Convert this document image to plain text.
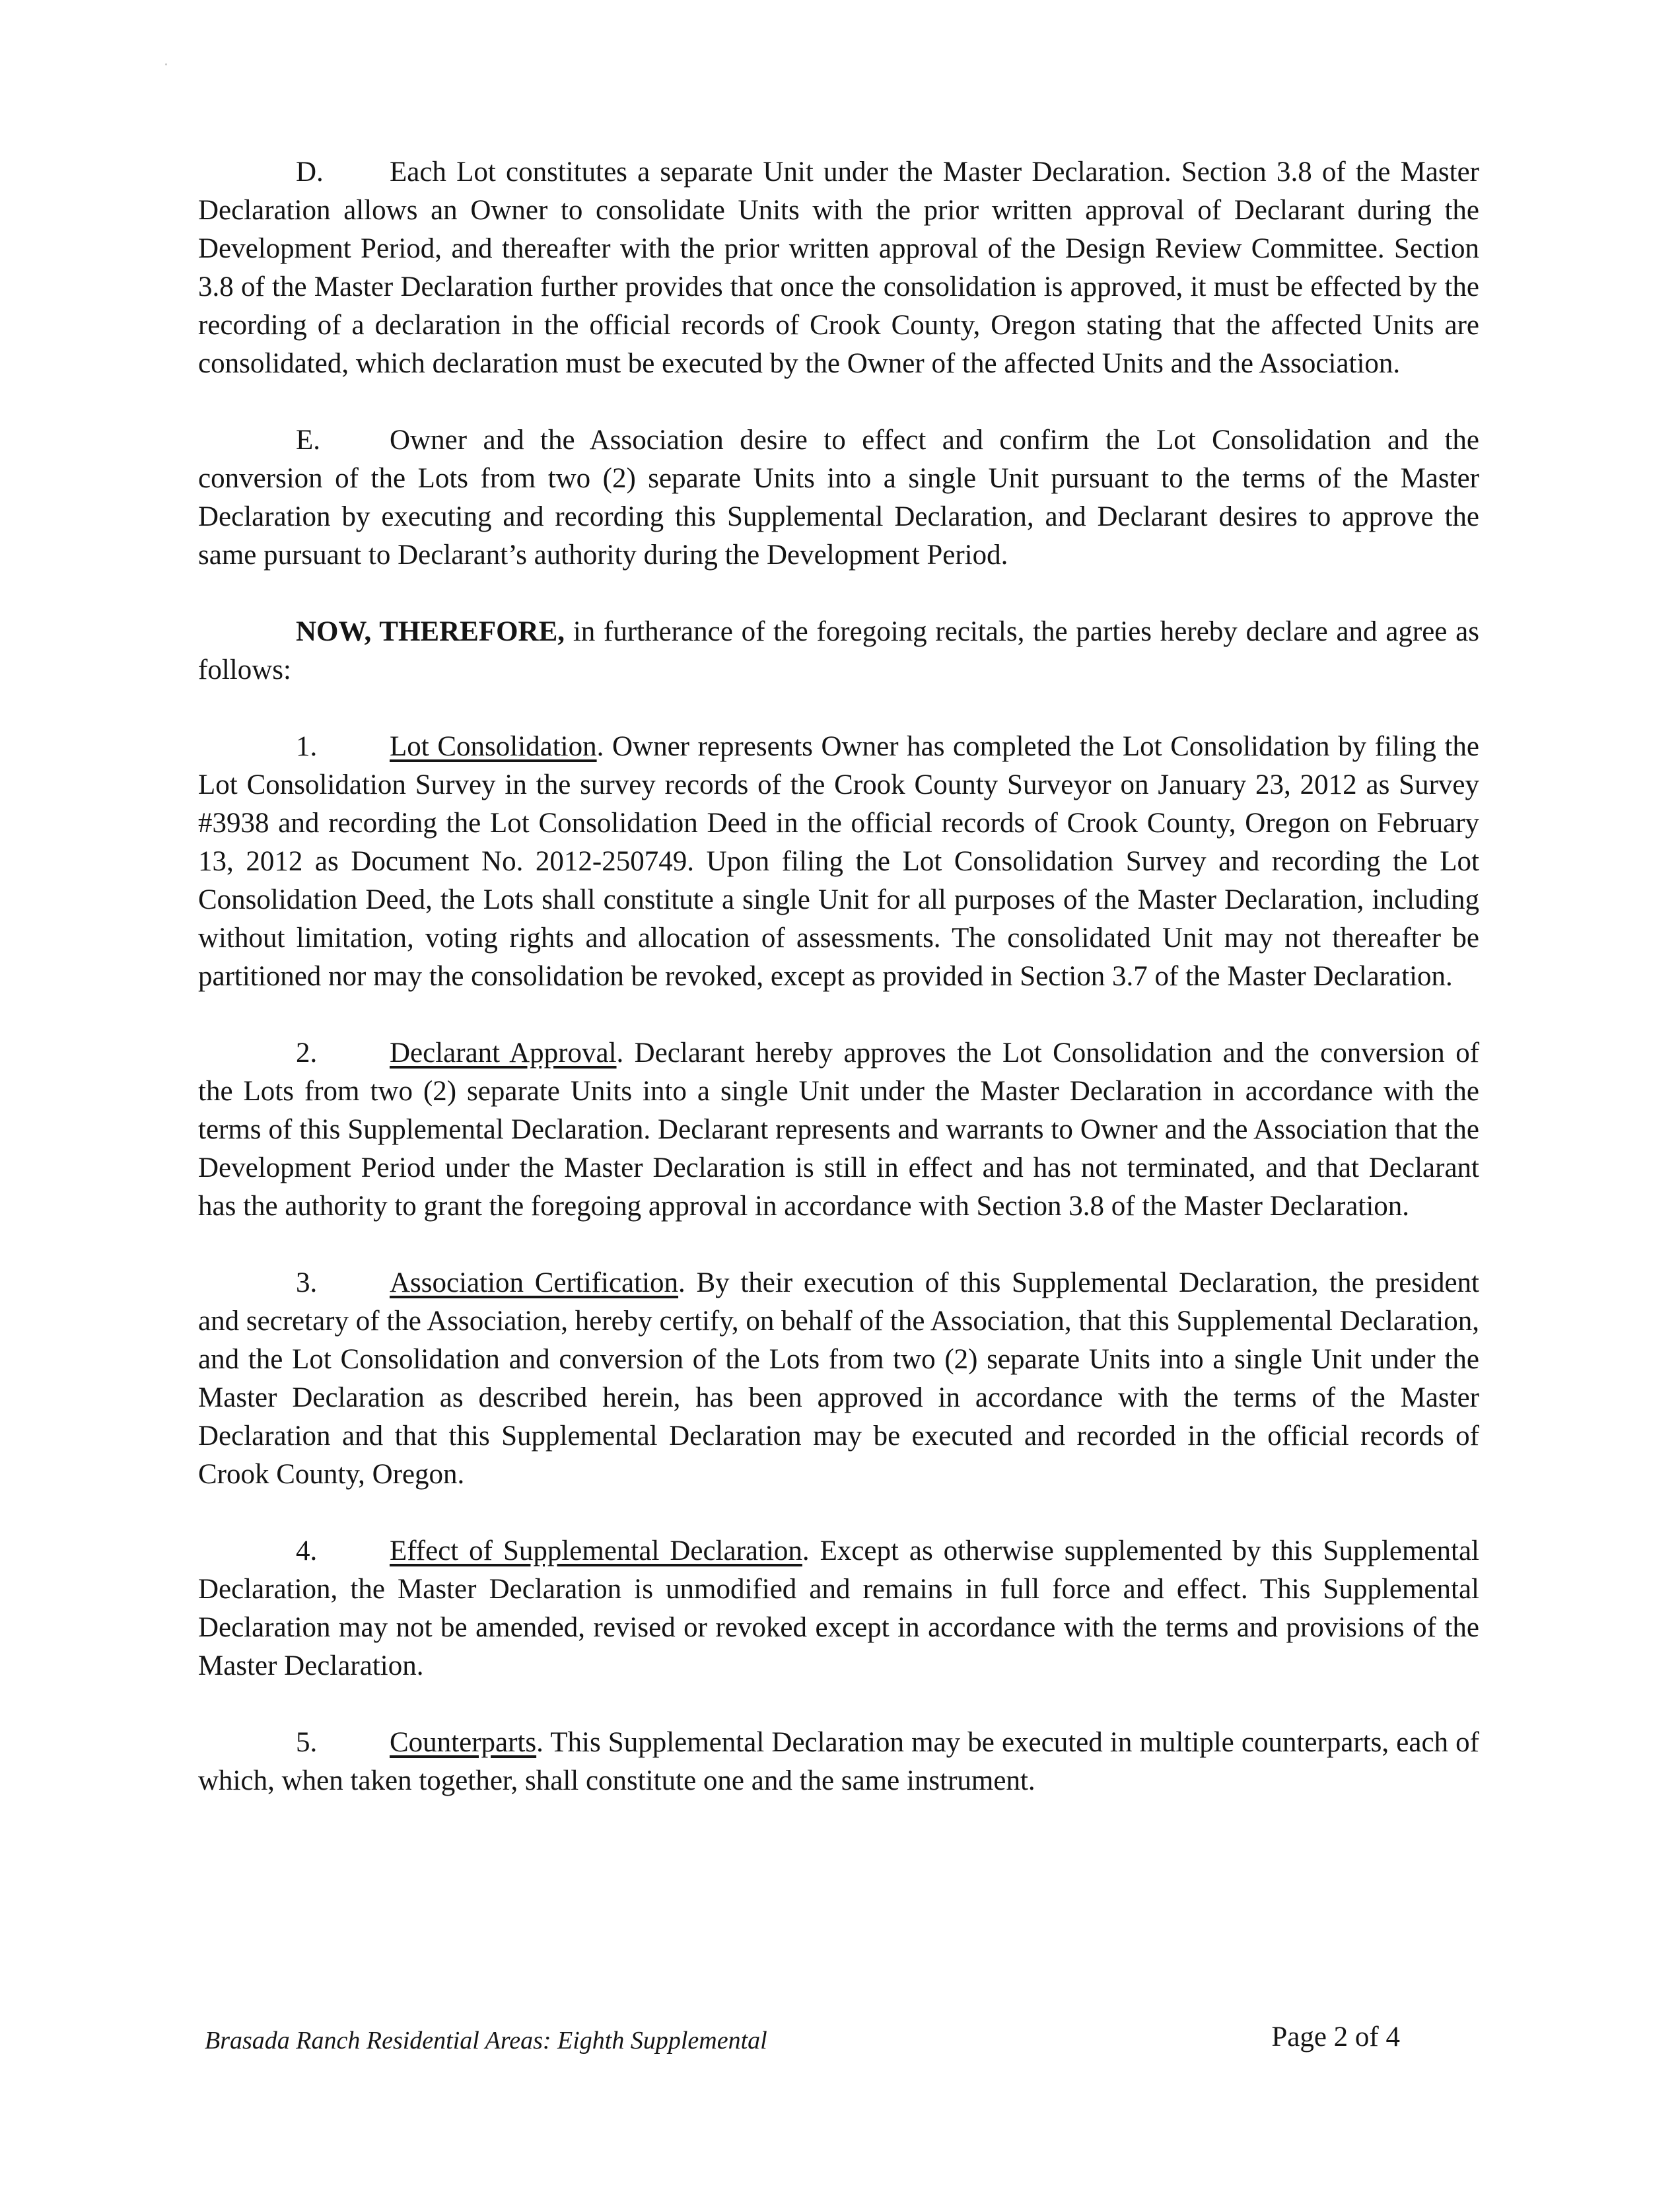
D. Each Lot constitutes a separate Unit under the Master Declaration. Section 3.8 of the Master Declaration allows an Owner to consolidate Units with the prior written approval of Declarant during the Development Period, and thereafter with the prior written approval of the Design Review Committee. Section 3.8 of the Master Declaration further provides that once the consolidation is approved, it must be effected by the recording of a declaration in the official records of Crook County, Oregon stating that the affected Units are consolidated, which declaration must be executed by the Owner of the affected Units and the Association.

E. Owner and the Association desire to effect and confirm the Lot Consolidation and the conversion of the Lots from two (2) separate Units into a single Unit pursuant to the terms of the Master Declaration by executing and recording this Supplemental Declaration, and Declarant desires to approve the same pursuant to Declarant’s authority during the Development Period.

NOW, THEREFORE, in furtherance of the foregoing recitals, the parties hereby declare and agree as follows:

1.	Lot Consolidation. Owner represents Owner has completed the Lot Consolidation by filing the Lot Consolidation Survey in the survey records of the Crook County Surveyor on January 23, 2012 as Survey #3938 and recording the Lot Consolidation Deed in the official records of Crook County, Oregon on February 13, 2012 as Document No. 2012-250749. Upon filing the Lot Consolidation Survey and recording the Lot Consolidation Deed, the Lots shall constitute a single Unit for all purposes of the Master Declaration, including without limitation, voting rights and allocation of assessments. The consolidated Unit may not thereafter be partitioned nor may the consolidation be revoked, except as provided in Section 3.7 of the Master Declaration.

2.	Declarant Approval. Declarant hereby approves the Lot Consolidation and the conversion of the Lots from two (2) separate Units into a single Unit under the Master Declaration in accordance with the terms of this Supplemental Declaration. Declarant represents and warrants to Owner and the Association that the Development Period under the Master Declaration is still in effect and has not terminated, and that Declarant has the authority to grant the foregoing approval in accordance with Section 3.8 of the Master Declaration.

3.	Association Certification. By their execution of this Supplemental Declaration, the president and secretary of the Association, hereby certify, on behalf of the Association, that this Supplemental Declaration, and the Lot Consolidation and conversion of the Lots from two (2) separate Units into a single Unit under the Master Declaration as described herein, has been approved in accordance with the terms of the Master Declaration and that this Supplemental Declaration may be executed and recorded in the official records of Crook County, Oregon.

4.	Effect of Supplemental Declaration. Except as otherwise supplemented by this Supplemental Declaration, the Master Declaration is unmodified and remains in full force and effect. This Supplemental Declaration may not be amended, revised or revoked except in accordance with the terms and provisions of the Master Declaration.

5.	Counterparts. This Supplemental Declaration may be executed in multiple counterparts, each of which, when taken together, shall constitute one and the same instrument.

Brasada Ranch Residential Areas: Eighth Supplemental	Page 2 of 4
